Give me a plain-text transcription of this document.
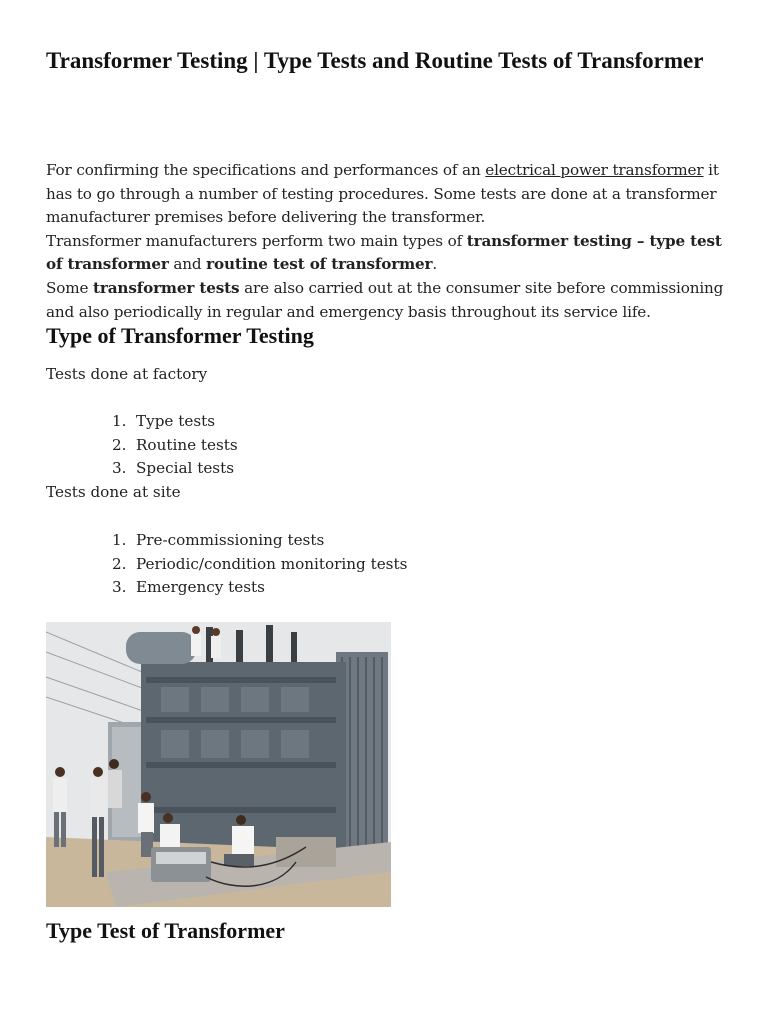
Transformer Testing | Type Tests and Routine Tests of Transformer

For confirming the specifications and performances of an electrical power transformer it has to go through a number of testing procedures. Some tests are done at a transformer manufacturer premises before delivering the transformer.

Transformer manufacturers perform two main types of transformer testing – type test of transformer and routine test of transformer.

Some transformer tests are also carried out at the consumer site before commissioning and also periodically in regular and emergency basis throughout its service life.

Type of Transformer Testing
Tests done at factory
1. Type tests
2. Routine tests
3. Special tests
Tests done at site
1. Pre-commissioning tests
2. Periodic/condition monitoring tests
3. Emergency tests
Type Test of Transformer
